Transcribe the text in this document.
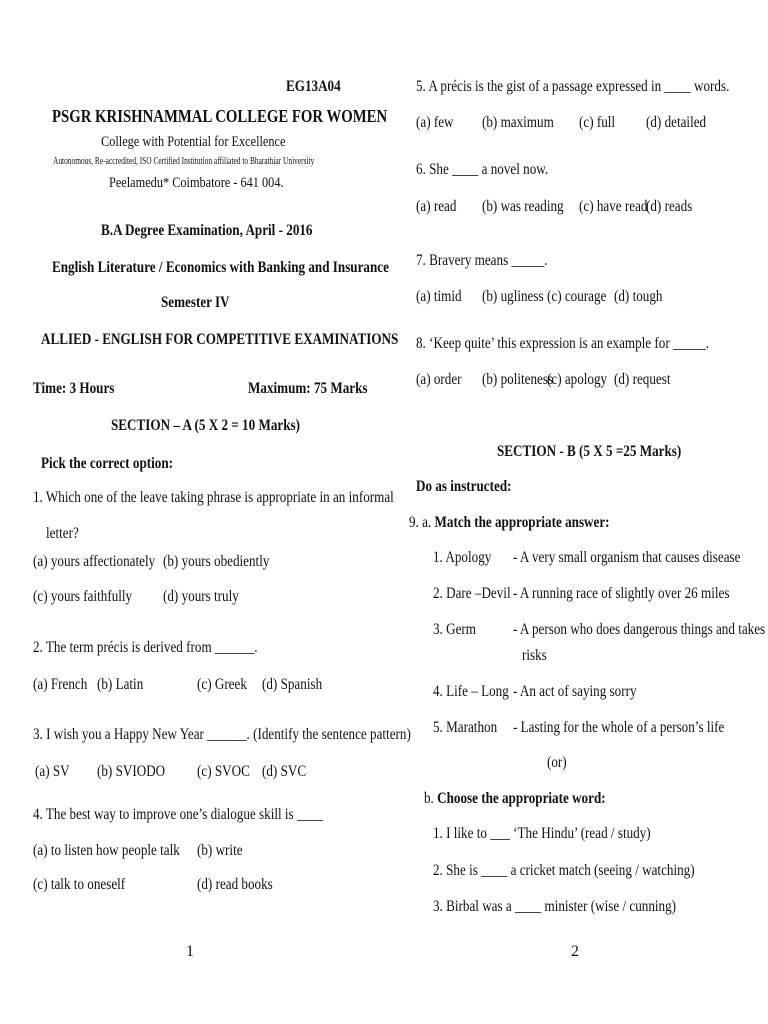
EG13A04
PSGR KRISHNAMMAL COLLEGE FOR WOMEN
College with Potential for Excellence
Autonomous, Re-accredited, ISO Certified Institution affiliated to Bharathiar University
Peelamedu* Coimbatore - 641 004.
B.A Degree Examination, April - 2016
English Literature / Economics with Banking and Insurance
Semester IV
ALLIED - ENGLISH FOR COMPETITIVE EXAMINATIONS
Time: 3 Hours	Maximum: 75 Marks
SECTION – A (5 X 2 = 10 Marks)
Pick the correct option:
1. Which one of the leave taking phrase is appropriate in an informal
letter?
(a) yours affectionately (b) yours obediently
(c) yours faithfully	(d) yours truly
2. The term précis is derived from ______.
(a) French (b) Latin	(c) Greek (d) Spanish
3. I wish you a Happy New Year ______. (Identify the sentence pattern)
(a) SV	(b) SVIODO	(c) SVOC (d) SVC
4. The best way to improve one’s dialogue skill is ____
(a) to listen how people talk	(b) write
(c) talk to oneself	(d) read books
1
5. A précis is the gist of a passage expressed in ____ words.
(a) few	(b) maximum	(c) full	(d) detailed
6. She ____ a novel now.
(a) read	(b) was reading (c) have read
(d) reads
7. Bravery means _____.
(a) timid	(b) ugliness (c) courage (d) tough
8. ‘Keep quite’ this expression is an example for _____.
(a) order	(b) politeness
(c) apology (d) request
SECTION - B (5 X 5 =25 Marks)
Do as instructed:
9. a. Match the appropriate answer:
1. Apology	- A very small organism that causes disease
2. Dare –Devil - A running race of slightly over 26 miles
3. Germ	- A person who does dangerous things and takes
risks
4. Life – Long - An act of saying sorry
5. Marathon - Lasting for the whole of a person’s life
(or)
b. Choose the appropriate word:
1. I like to ___ ‘The Hindu’ (read / study)
2. She is ____ a cricket match (seeing / watching)
3. Birbal was a ____ minister (wise / cunning)
2
